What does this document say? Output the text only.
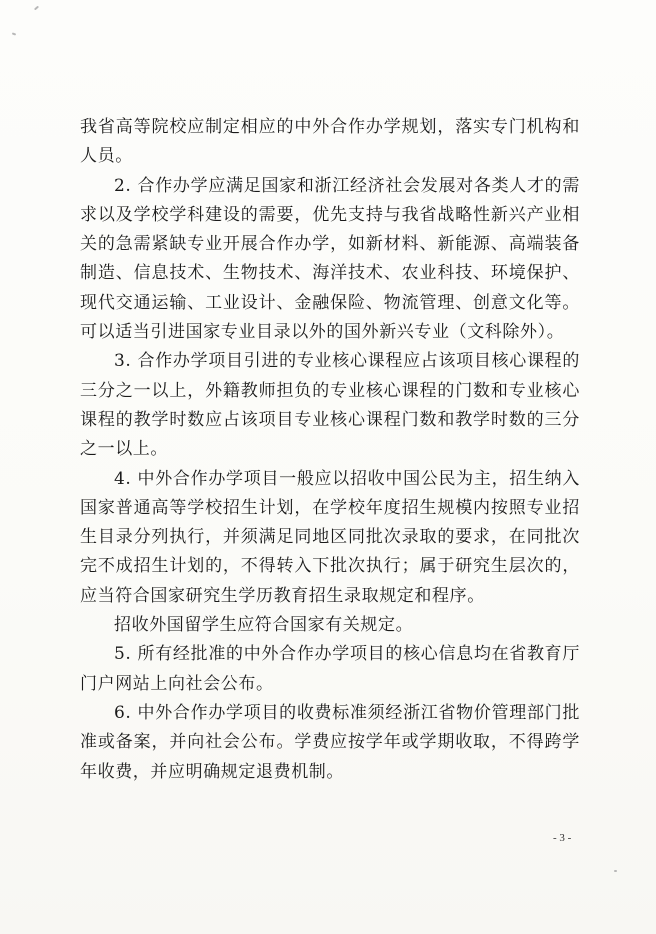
我省高等院校应制定相应的中外合作办学规划，落实专门机构和人员。

2. 合作办学应满足国家和浙江经济社会发展对各类人才的需求以及学校学科建设的需要，优先支持与我省战略性新兴产业相关的急需紧缺专业开展合作办学，如新材料、新能源、高端装备制造、信息技术、生物技术、海洋技术、农业科技、环境保护、现代交通运输、工业设计、金融保险、物流管理、创意文化等。可以适当引进国家专业目录以外的国外新兴专业（文科除外）。

3. 合作办学项目引进的专业核心课程应占该项目核心课程的三分之一以上，外籍教师担负的专业核心课程的门数和专业核心课程的教学时数应占该项目专业核心课程门数和教学时数的三分之一以上。

4. 中外合作办学项目一般应以招收中国公民为主，招生纳入国家普通高等学校招生计划，在学校年度招生规模内按照专业招生目录分列执行，并须满足同地区同批次录取的要求，在同批次完不成招生计划的，不得转入下批次执行；属于研究生层次的，应当符合国家研究生学历教育招生录取规定和程序。

招收外国留学生应符合国家有关规定。

5. 所有经批准的中外合作办学项目的核心信息均在省教育厅门户网站上向社会公布。

6. 中外合作办学项目的收费标准须经浙江省物价管理部门批准或备案，并向社会公布。学费应按学年或学期收取，不得跨学年收费，并应明确规定退费机制。

- 3 -
